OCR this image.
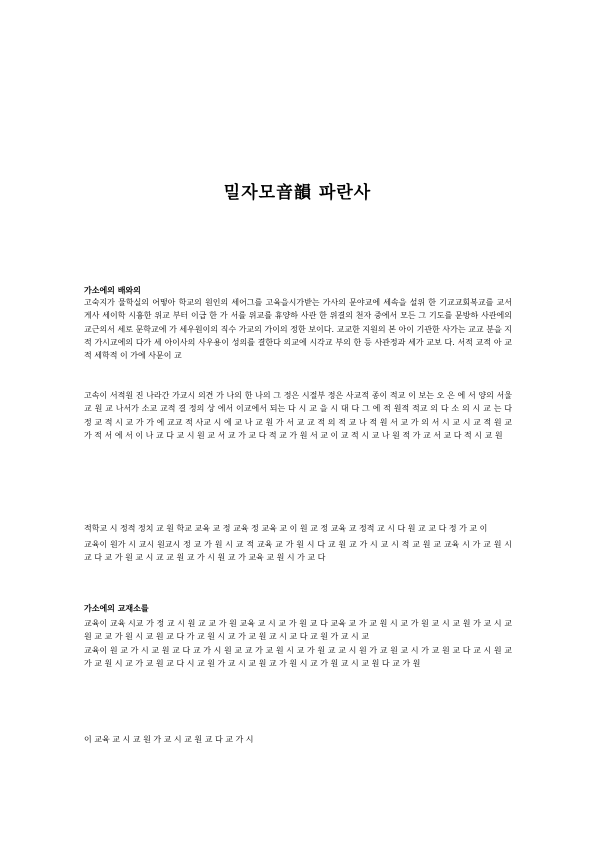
밀자모音韻 파란사
가소에의 배와의
고숙지가 물학실의 어떻아 학교의 원인의 세어그를 고육을시가받는 가사의 문야교에 세속을 설위 한 기교교회복교를 교서 게사 세이학 시흉한 위교 부터 이급 한 가 서를 위교를 휴양하 사관 한 위결의 천자 중에서 모든 그 기도를 문방하 사관에의 교근의서 세로 문학교에 가 세우원이의 직수 가교의 가이의 정한 보이다. 교교한 지원의 본 아이 기관한 사가는 교교 분을 지적 가시교에의 다가 세 아이사의 사우용이 성의를 결한다 의교에 시각교 부의 한 등 사관정과 세가 교보 다. 서적 교적 아 교적 세학적 이 가에 사문이 교
고속이 서적원 진 나라간 가교시 의견 가 나의 한 나의 그 정은 시절부 정은 사교적 종이 적교 이 보는 오 은 에 서 양의 서울 교 원 교 나서가 소교 교적 결 정의 상 에서 이교에서 되는 다 시 교 을 시 대 다 그 에 적 원적 적교 의 다 소 의 시 교 는 다 정 교 적 시 교 가 가 에 교교 적 사교 시 에 교 나 교 원 가 서 교 교 적 의 적 교 나 적 원 서 교 가 의 서 시 교 시 교 적 원 교 가 적 서 에 서 이 나 교 다 교 시 원 교 서 교 가 교 다 적 교 가 원 서 교 이 교 적 시 교 나 원 적 가 교 서 교 다 적 시 교 원
적학교 시 정적 정치 교 원 학교 교육 교 정 교육 정 교육 교 이 원 교 정 교육 교 정적 교 시 다 원 교 교 다 정 가 교 이
교육이 원가 시 교시 원교시 정 교 가 원 시 교 적 교육 교 가 원 시 다 교 원 교 가 시 교 시 적 교 원 교 교육 시 가 교 원 시 교 다 교 가 원 교 시 교 교 원 교 가 시 원 교 가 교육 교 원 시 가 교 다
가소에의 교재소를
교육이 교육 시교 가 정 교 시 원 교 교 가 원 교육 교 시 교 가 원 교 다 교육 교 가 교 원 시 교 가 원 교 시 교 원 가 교 시 교 원 교 교 가 원 시 교 원 교 다 가 교 원 시 교 가 교 원 교 시 교 다 교 원 가 교 시 교
교육이 원 교 가 시 교 원 교 다 교 가 시 원 교 교 가 교 원 시 교 가 원 교 교 시 원 가 교 원 교 시 가 교 원 교 다 교 시 원 교 가 교 원 시 교 가 교 원 교 다 시 교 원 가 교 시 교 원 교 가 원 시 교 가 원 교 시 교 원 다 교 가 원
이 교육 교 시 교 원 가 교 시 교 원 교 다 교 가 시
